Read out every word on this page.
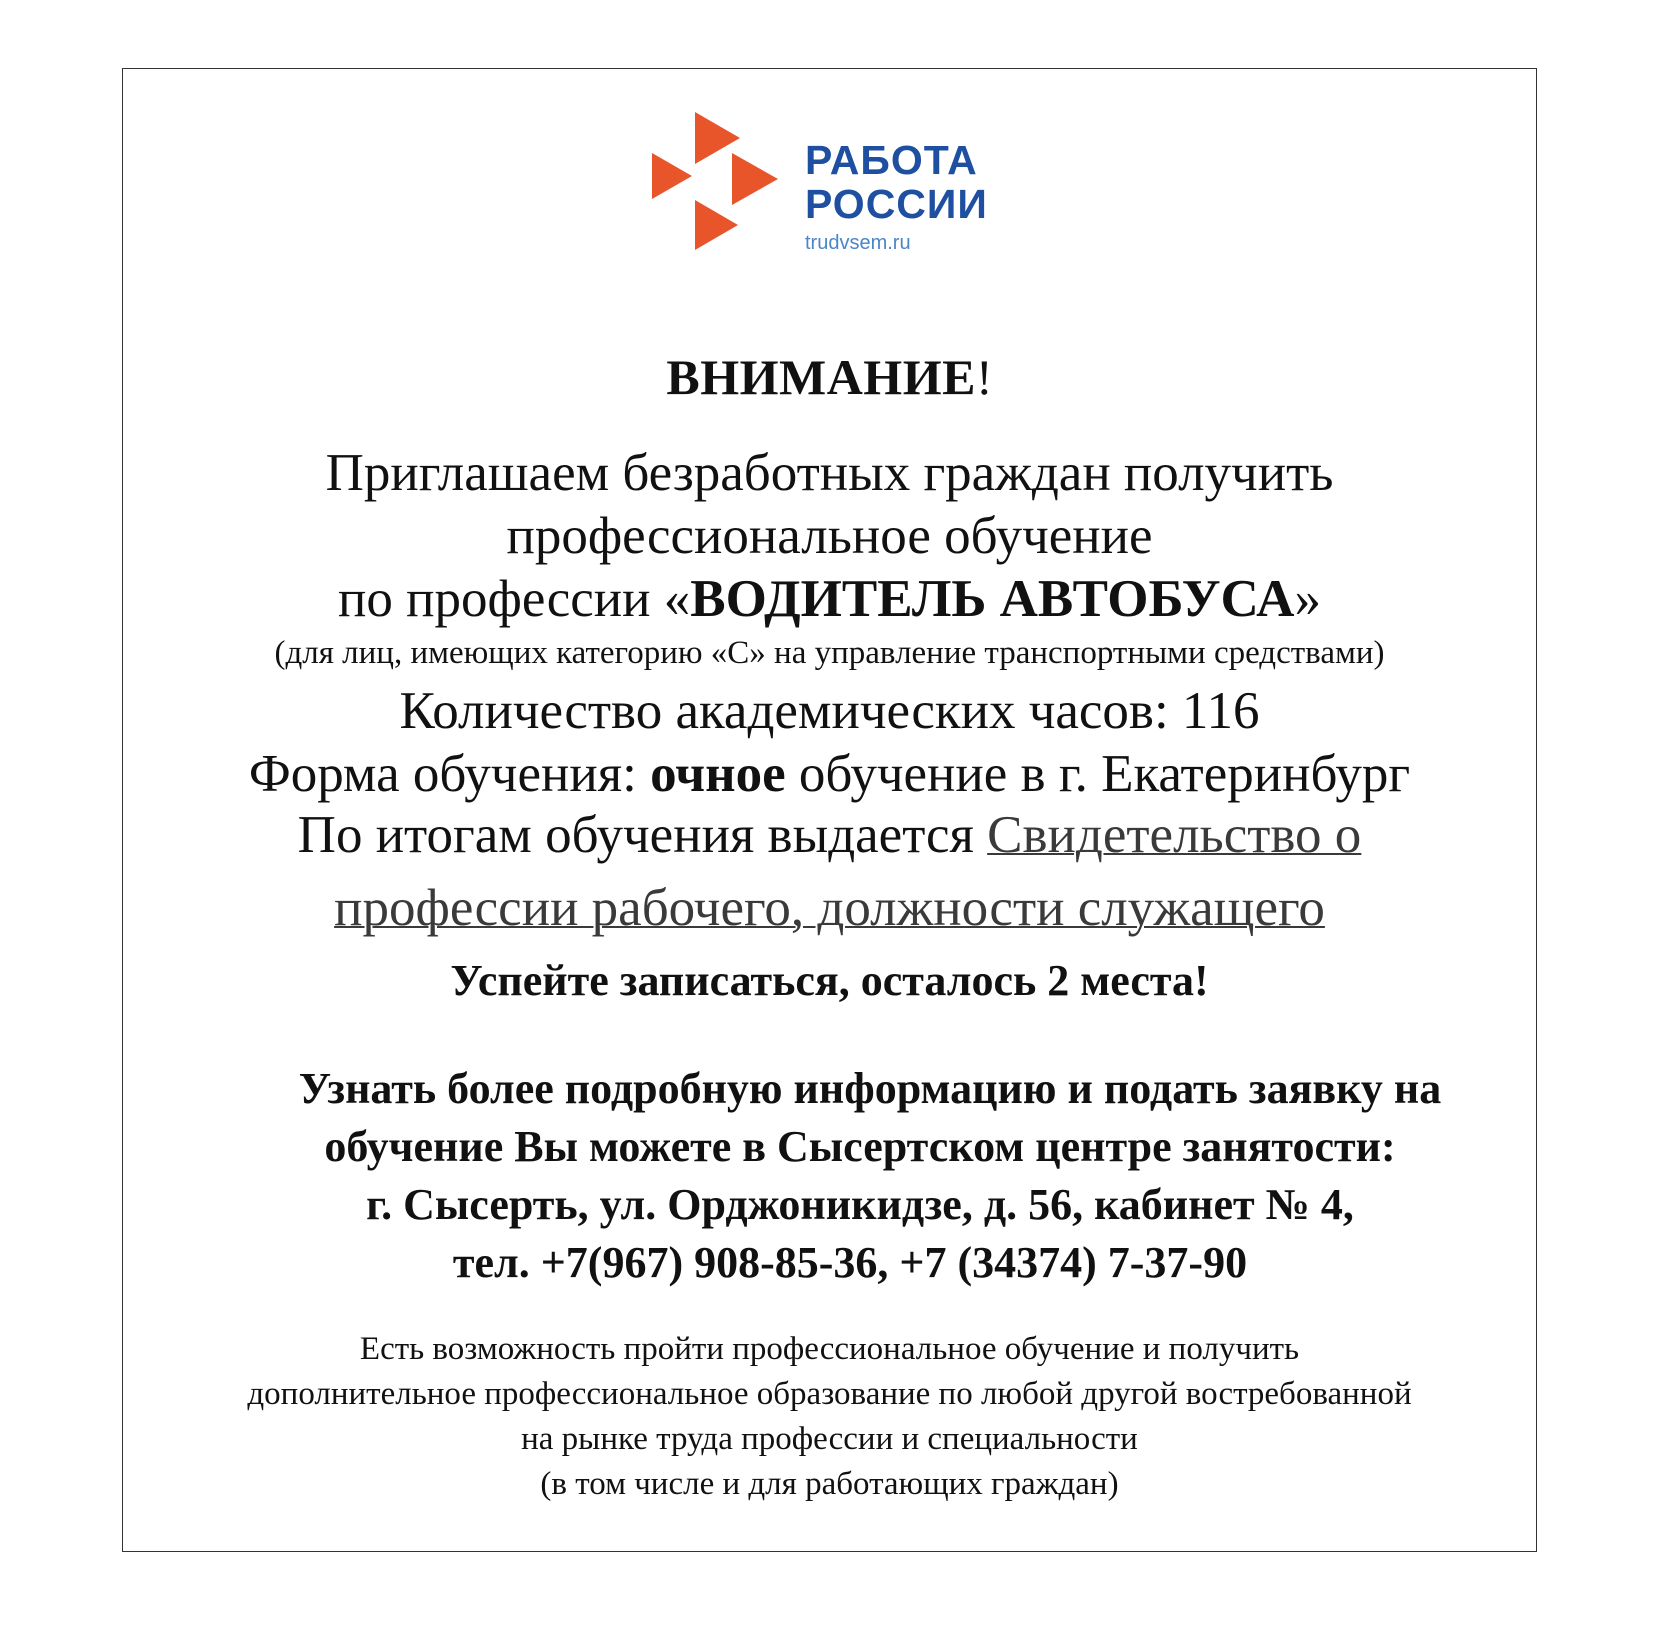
РАБОТА
РОССИИ
trudvsem.ru
ВНИМАНИЕ!
Приглашаем безработных граждан получить
профессиональное обучение
по профессии «ВОДИТЕЛЬ АВТОБУСА»
(для лиц, имеющих категорию «С» на управление транспортными средствами)
Количество академических часов: 116
Форма обучения: очное обучение в г. Екатеринбург
По итогам обучения выдается Свидетельство о
профессии рабочего, должности служащего
Успейте записаться, осталось 2 места!
Узнать более подробную информацию и подать заявку на
обучение Вы можете в Сысертском центре занятости:
г. Сысерть, ул. Орджоникидзе, д. 56, кабинет № 4,
тел. +7(967) 908-85-36, +7 (34374) 7-37-90
Есть возможность пройти профессиональное обучение и получить
дополнительное профессиональное образование по любой другой востребованной
на рынке труда профессии и специальности
(в том числе и для работающих граждан)
